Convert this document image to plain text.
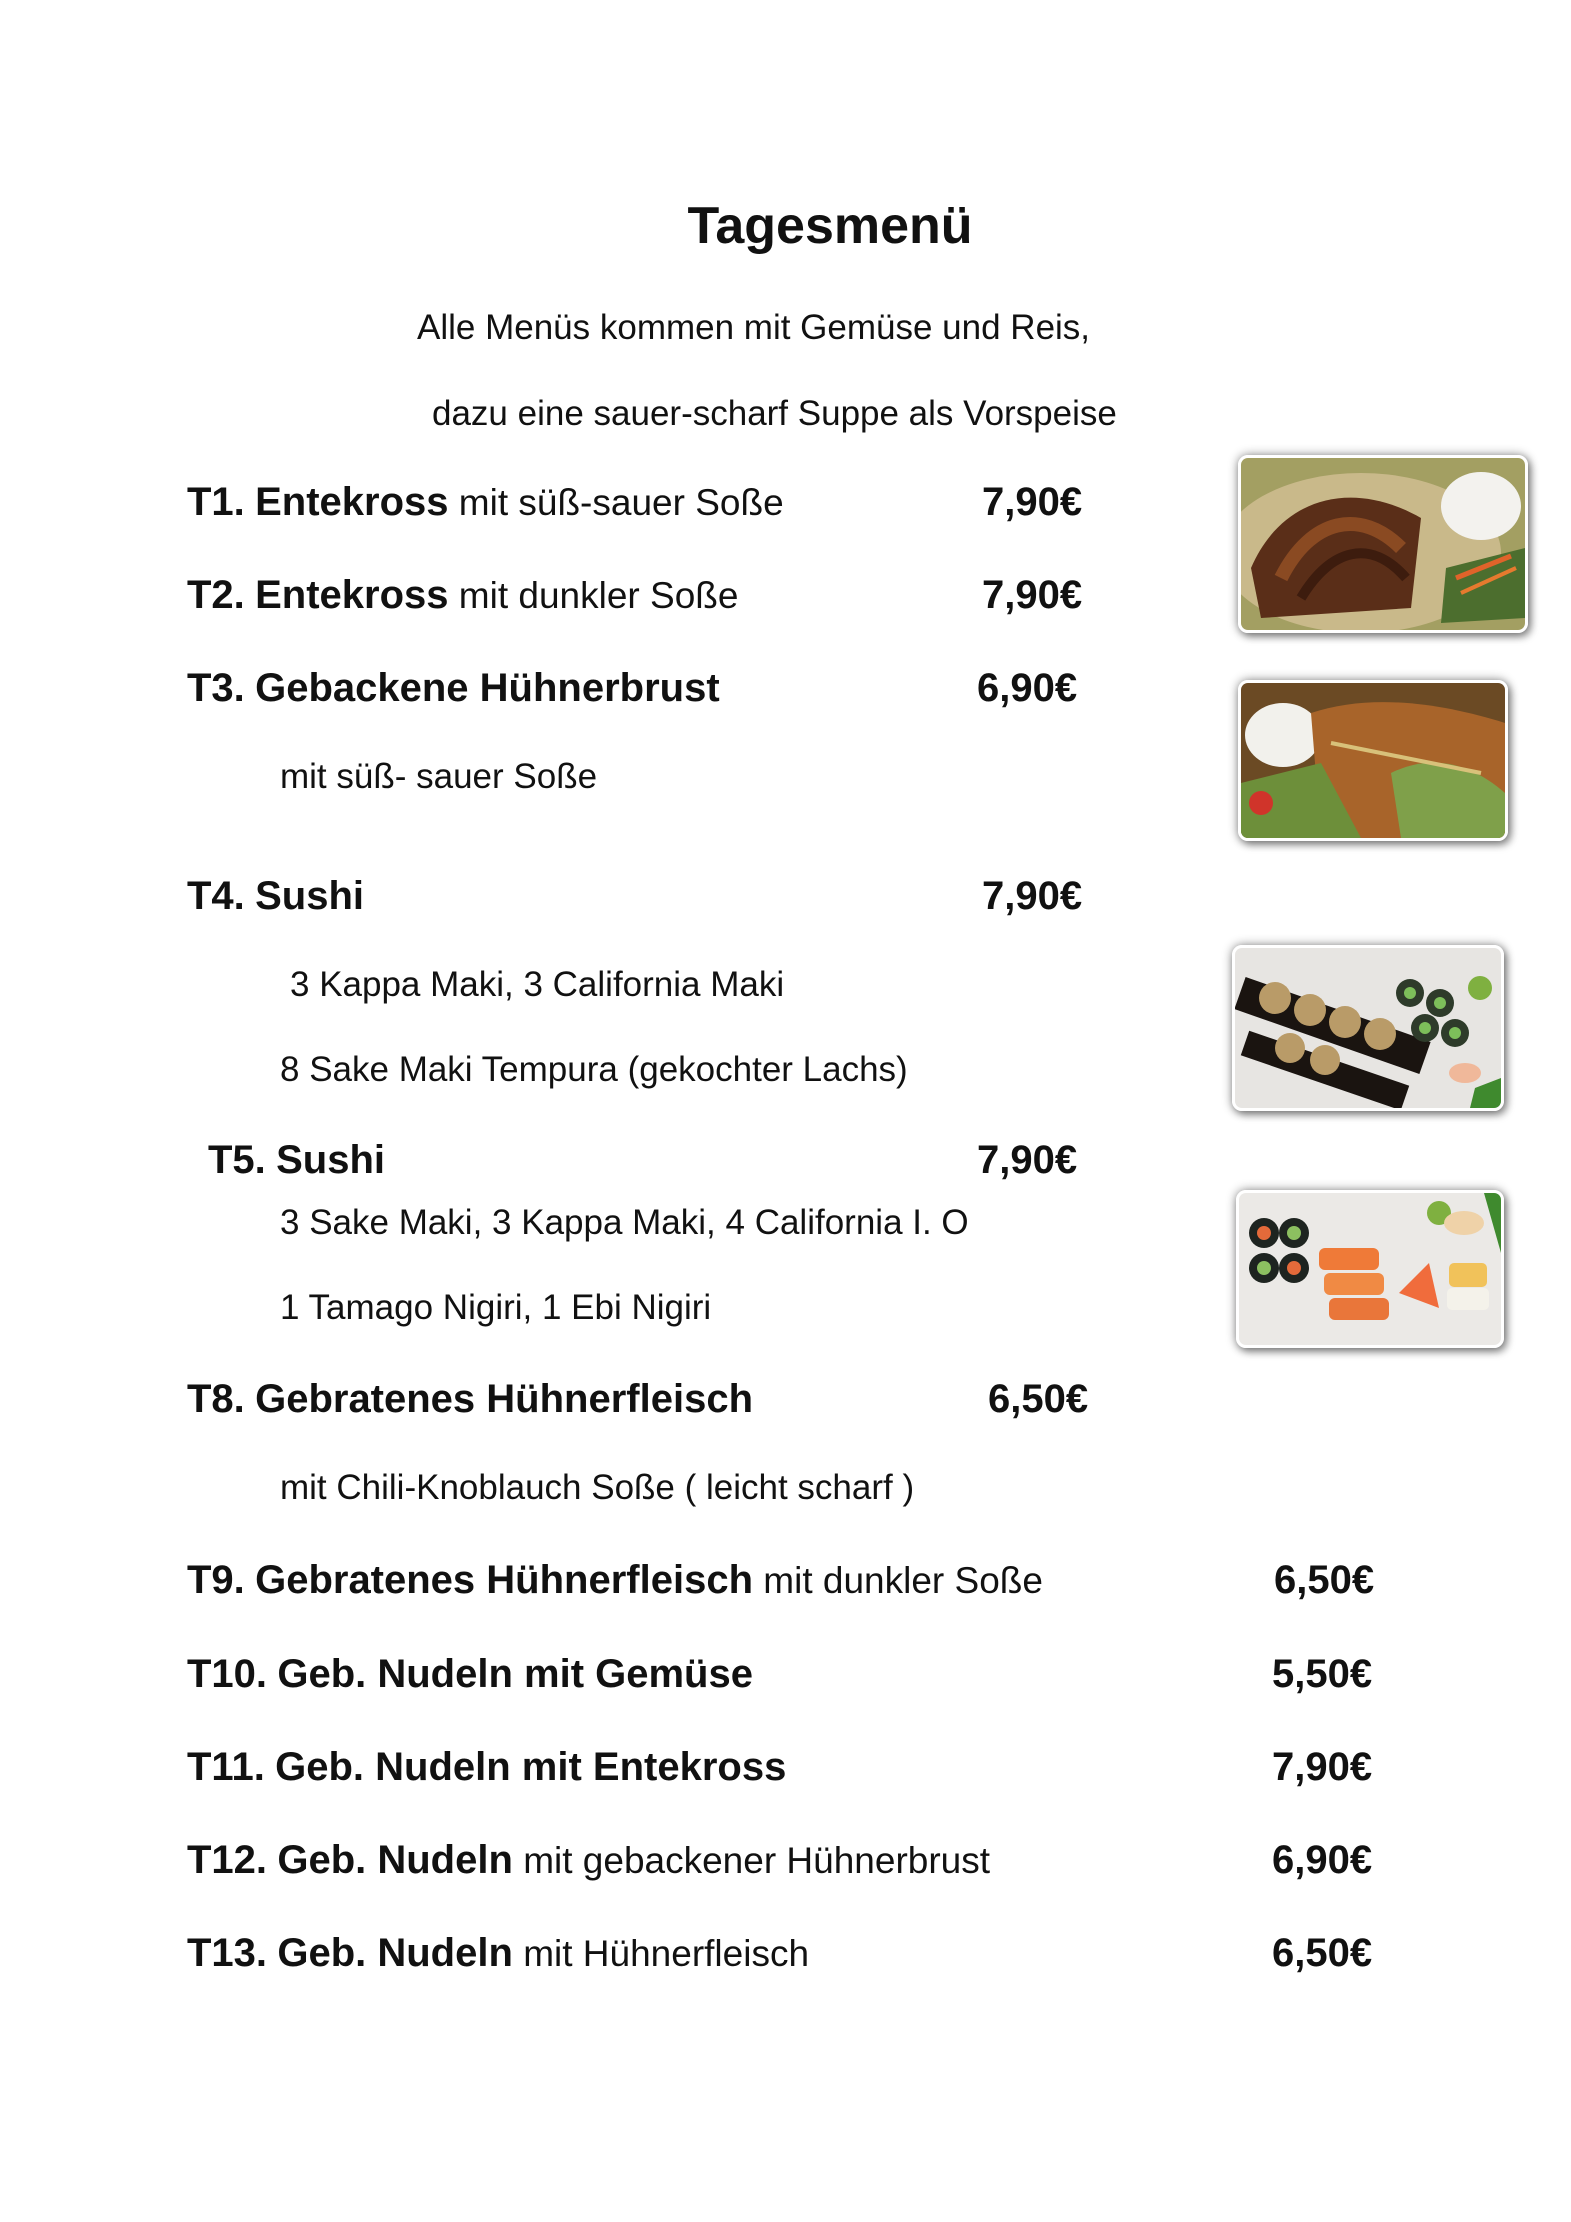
Tagesmenü
Alle Menüs kommen mit Gemüse und Reis,
dazu eine sauer-scharf Suppe als Vorspeise
T1. Entekross mit süß-sauer Soße	7,90€
T2. Entekross mit dunkler Soße	7,90€
T3. Gebackene Hühnerbrust	6,90€
mit süß- sauer Soße
T4. Sushi	7,90€
3 Kappa Maki, 3 California Maki
8 Sake Maki Tempura (gekochter Lachs)
T5. Sushi	7,90€
3 Sake Maki, 3 Kappa Maki, 4 California I. O
1 Tamago Nigiri, 1 Ebi Nigiri
T8. Gebratenes Hühnerfleisch	6,50€
mit Chili-Knoblauch Soße ( leicht scharf )
T9. Gebratenes Hühnerfleisch mit dunkler Soße	6,50€
T10. Geb. Nudeln mit Gemüse	5,50€
T11. Geb. Nudeln mit Entekross	7,90€
T12. Geb. Nudeln mit gebackener Hühnerbrust	6,90€
T13. Geb. Nudeln mit Hühnerfleisch	6,50€
